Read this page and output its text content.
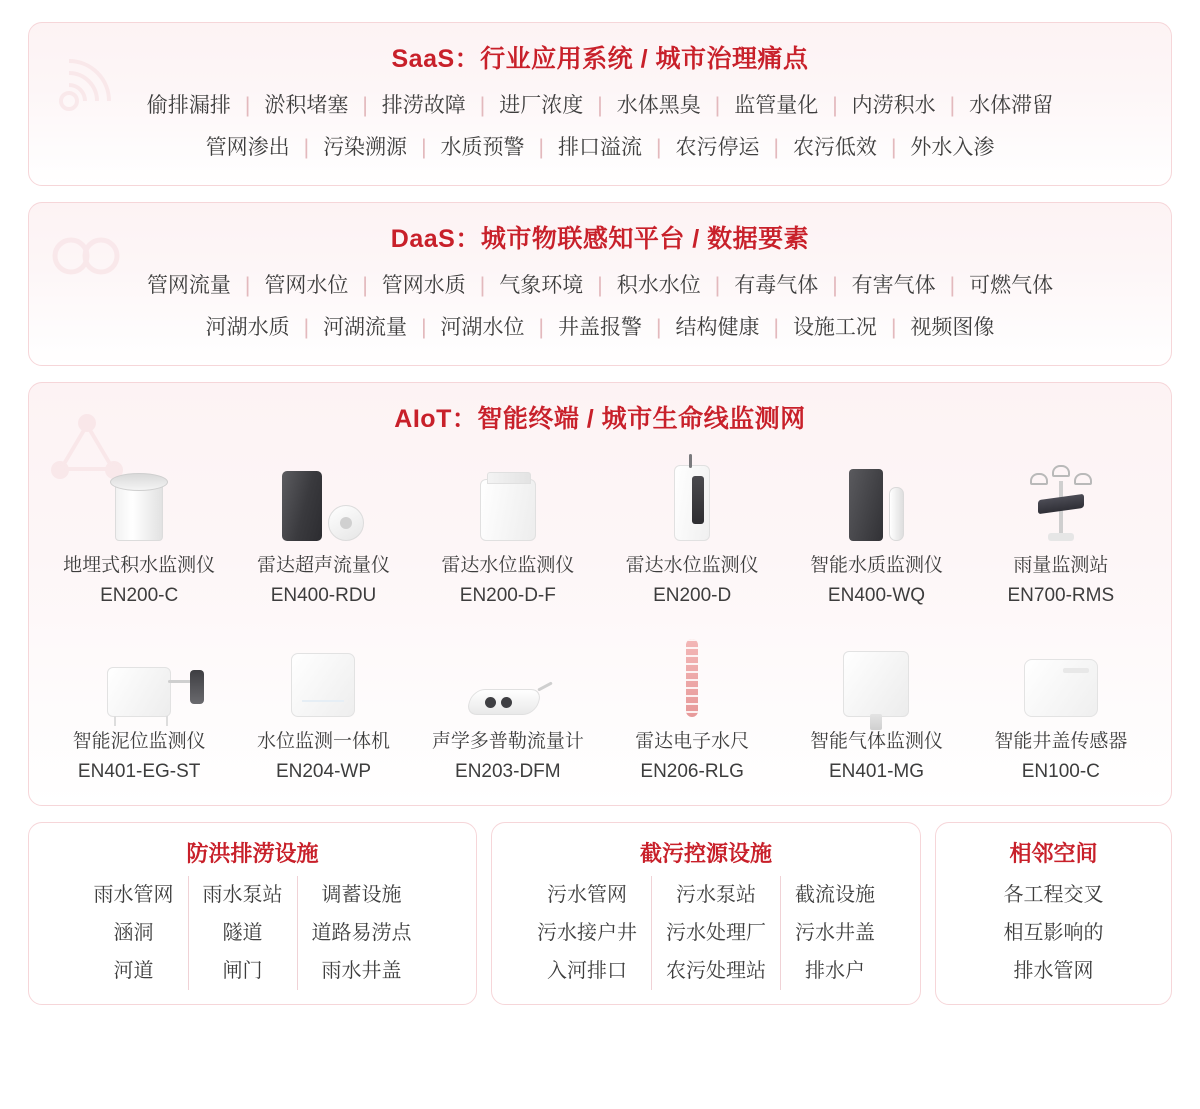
SaaS：行业应用系统 / 城市治理痛点
偷排漏排 | 淤积堵塞 | 排涝故障 | 进厂浓度 | 水体黑臭 | 监管量化 | 内涝积水 | 水体滞留
管网渗出 | 污染溯源 | 水质预警 | 排口溢流 | 农污停运 | 农污低效 | 外水入渗
DaaS：城市物联感知平台 / 数据要素
管网流量 | 管网水位 | 管网水质 | 气象环境 | 积水水位 | 有毒气体 | 有害气体 | 可燃气体
河湖水质 | 河湖流量 | 河湖水位 | 井盖报警 | 结构健康 | 设施工况 | 视频图像
AIoT：智能终端 / 城市生命线监测网
地埋式积水监测仪
EN200-C
雷达超声流量仪
EN400-RDU
雷达水位监测仪
EN200-D-F
雷达水位监测仪
EN200-D
智能水质监测仪
EN400-WQ
雨量监测站
EN700-RMS
智能泥位监测仪
EN401-EG-ST
水位监测一体机
EN204-WP
声学多普勒流量计
EN203-DFM
雷达电子水尺
EN206-RLG
智能气体监测仪
EN401-MG
智能井盖传感器
EN100-C
防洪排涝设施
雨水管网
涵洞
河道
雨水泵站
隧道
闸门
调蓄设施
道路易涝点
雨水井盖
截污控源设施
污水管网
污水接户井
入河排口
污水泵站
污水处理厂
农污处理站
截流设施
污水井盖
排水户
相邻空间
各工程交叉
相互影响的
排水管网
